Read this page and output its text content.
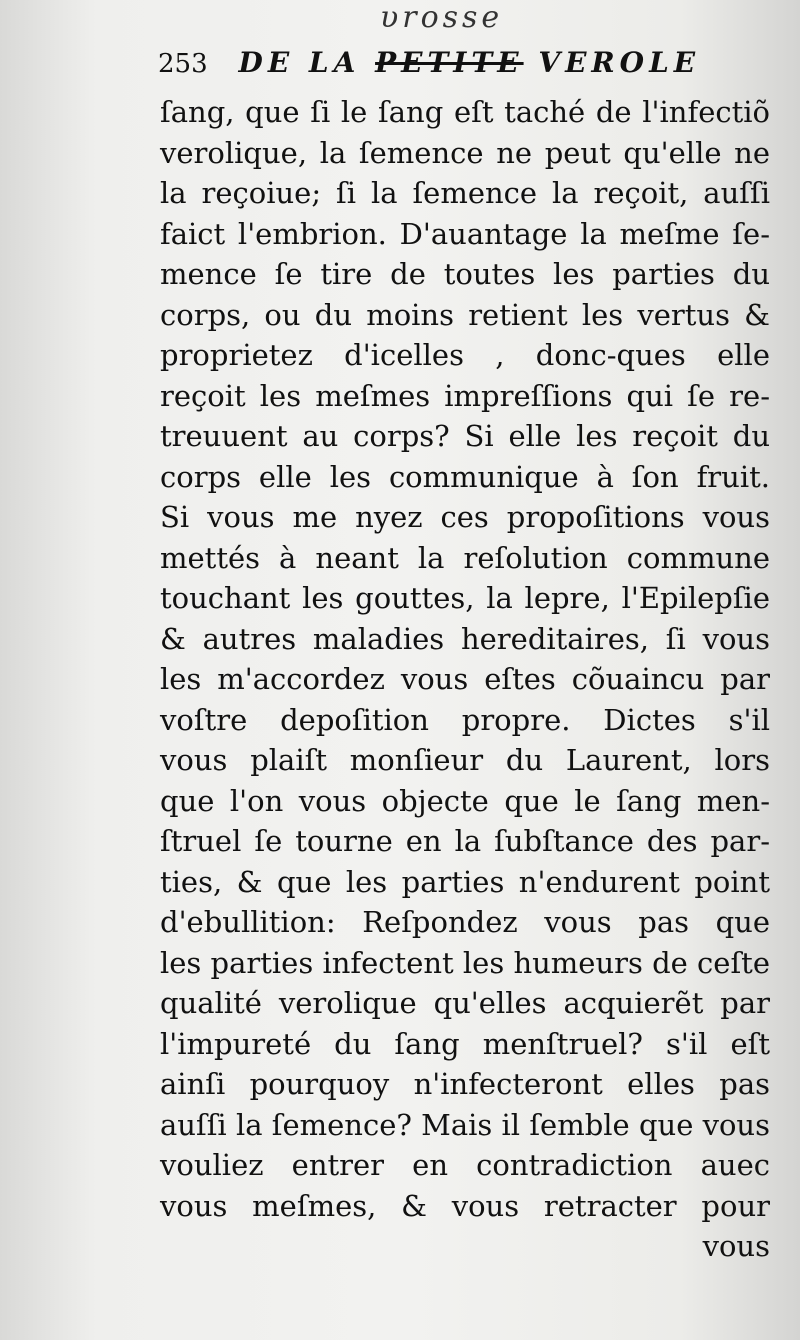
υrosse
253 DE LA PETITE VEROLE
ſang, que ſi le ſang eſt taché de l'infectiõ
verolique, la ſemence ne peut qu'elle ne
la reçoiue; ſi la ſemence la reçoit, auſſi
faict l'embrion. D'auantage la meſme ſe-
mence ſe tire de toutes les parties du
corps, ou du moins retient les vertus &
proprietez d'icelles , donc-ques elle
reçoit les meſmes impreſſions qui ſe re-
treuuent au corps? Si elle les reçoit du
corps elle les communique à ſon fruit.
Si vous me nyez ces propoſitions vous
mettés à neant la reſolution commune
touchant les gouttes, la lepre, l'Epilepſie
& autres maladies hereditaires, ſi vous
les m'accordez vous eſtes cõuaincu par
voſtre depoſition propre. Dictes s'il
vous plaiſt monſieur du Laurent, lors
que l'on vous objecte que le ſang men-
ſtruel ſe tourne en la ſubſtance des par-
ties, & que les parties n'endurent point
d'ebullition: Reſpondez vous pas que
les parties infectent les humeurs de ceſte
qualité verolique qu'elles acquierẽt par
l'impureté du ſang menſtruel? s'il eſt
ainſi pourquoy n'infecteront elles pas
auſſi la ſemence? Mais il ſemble que vous
vouliez entrer en contradiction auec
vous meſmes, & vous retracter pour
vous
